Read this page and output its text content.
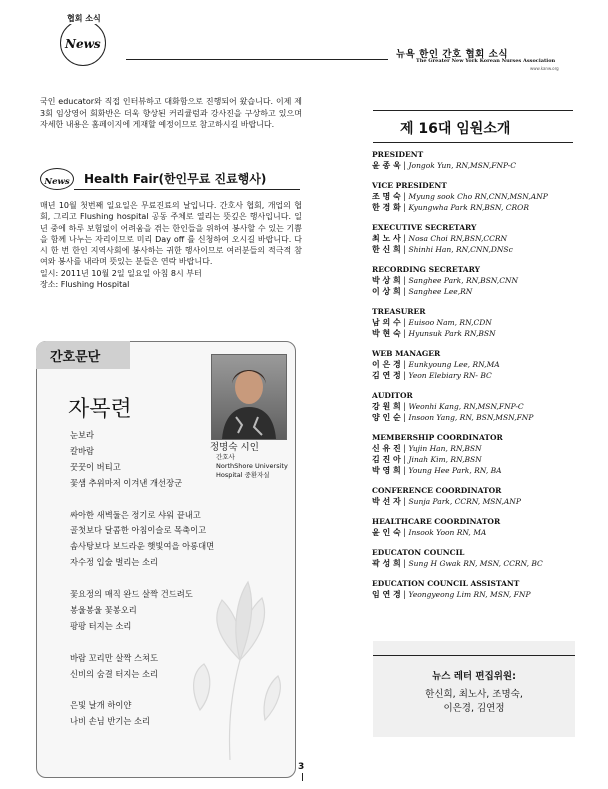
협회 소식
News
뉴욕 한인 간호 협회 소식
The Greater New York Korean Nurses Association
www.kanw.org
국인 educator와 직접 인터뷰하고 대화함으로 진행되어 왔습니다. 이제 제3회 임상영어 회화반은 더욱 향상된 커리큘럼과 강사진을 구상하고 있으며 자세한 내용은 홈페이지에 게재할 예정이므로 참고하시길 바랍니다.
News	Health Fair(한인무료 진료행사)
매년 10월 첫번째 일요일은 무료진료의 날입니다. 간호사 협회, 개업의 협회, 그리고 Flushing hospital 공동 주체로 열리는 뜻깊은 행사입니다. 일년 중에 하루 보험없이 어려움을 겪는 한인들을 위하여 봉사할 수 있는 기쁨을 함께 나누는 자리이므로 미리 Day off 를 신청하여 오시길 바랍니다. 다시 한 번 한인 지역사회에 봉사하는 귀한 행사이므로 여러분들의 적극적 참여와 봉사를 내라며 뜻있는 분들은 연락 바랍니다.
일시: 2011년 10월 2일 일요일 아침 8시 부터
장소: Flushing Hospital
간호문단
자목련
정명숙 시인
간호사
NorthShore University
Hospital 중환자실
눈보라
칼바람
꿋꿋이 버티고
꽃샘 추위마저 이겨낸 개선장군
싸아한 새벽둘은 정기로 샤워 끝내고
골첫보다 달콤한 아침이슬로 목축이고
솜사탕보다 보드라운 햇빛여을 아롱대면
자수정 입술 벌리는 소리
꽃요정의 매직 완드 살짝 건드려도
봉울봉울 꽃봉오리
팡팡 터지는 소리
바람 꼬리만 살짝 스쳐도
신비의 숨결 터지는 소리
은빛 날개 하이얀
나비 손님 반기는 소리
제 16대 임원소개
PRESIDENT
윤 종 욱 | Jongok Yun, RN,MSN,FNP-C
VICE PRESIDENT
조 명 숙 | Myung sook Cho RN,CNN,MSN,ANP
한 경 화 | Kyungwha Park RN,BSN, CROR
EXECUTIVE SECRETARY
최 노 사 | Nosa Choi RN,BSN,CCRN
한 신 희 | Shinhi Han, RN,CNN,DNSc
RECORDING SECRETARY
박 상 희 | Sanghee Park, RN,BSN,CNN
이 상 희 | Sanghee Lee,RN
TREASURER
남 의 수 | Euisoo Nam, RN,CDN
박 현 숙 | Hyunsuk Park RN,BSN
WEB MANAGER
이 은 경 | Eunkyoung Lee, RN,MA
김 연 정 | Yeon Elebiary RN- BC
AUDITOR
강 원 희 | Weonhi Kang, RN,MSN,FNP-C
양 인 순 | Insoon Yang, RN, BSN,MSN,FNP
MEMBERSHIP COORDINATOR
신 유 진 | Yujin Han, RN,BSN
김 진 아 | Jinah Kim, RN,BSN
박 영 희 | Young Hee Park, RN, BA
CONFERENCE COORDINATOR
박 선 자 | Sunja Park, CCRN, MSN,ANP
HEALTHCARE COORDINATOR
윤 인 숙 | Insook Yoon RN, MA
EDUCATON COUNCIL
곽 성 희 | Sung H Gwak RN, MSN, CCRN, BC
EDUCATION COUNCIL ASSISTANT
임 연 경 | Yeongyeong Lim RN, MSN, FNP
뉴스 레터 편집위원:
한신희, 최노사, 조명숙,
이은경, 김연정
3
